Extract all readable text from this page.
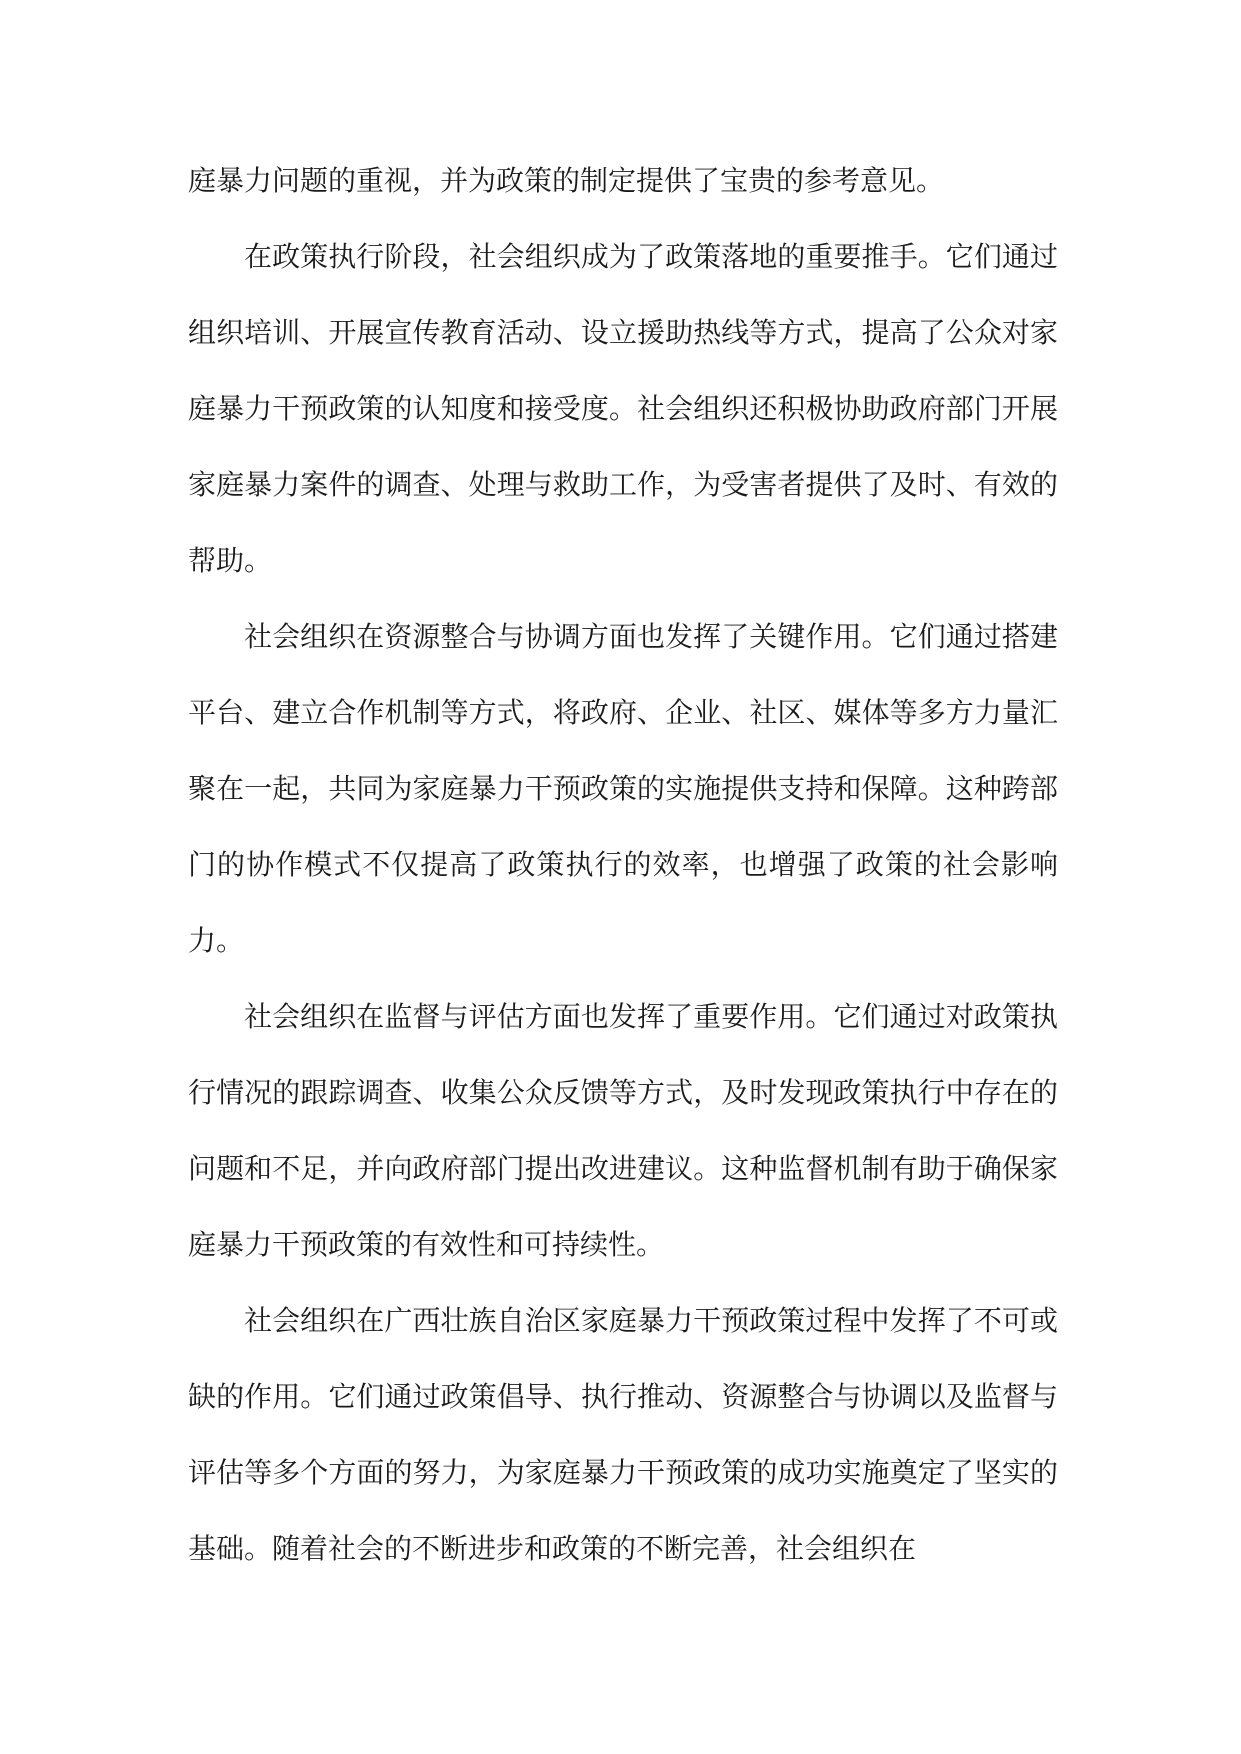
庭暴力问题的重视，并为政策的制定提供了宝贵的参考意见。

在政策执行阶段，社会组织成为了政策落地的重要推手。它们通过组织培训、开展宣传教育活动、设立援助热线等方式，提高了公众对家庭暴力干预政策的认知度和接受度。社会组织还积极协助政府部门开展家庭暴力案件的调查、处理与救助工作，为受害者提供了及时、有效的帮助。

社会组织在资源整合与协调方面也发挥了关键作用。它们通过搭建平台、建立合作机制等方式，将政府、企业、社区、媒体等多方力量汇聚在一起，共同为家庭暴力干预政策的实施提供支持和保障。这种跨部门的协作模式不仅提高了政策执行的效率，也增强了政策的社会影响力。

社会组织在监督与评估方面也发挥了重要作用。它们通过对政策执行情况的跟踪调查、收集公众反馈等方式，及时发现政策执行中存在的问题和不足，并向政府部门提出改进建议。这种监督机制有助于确保家庭暴力干预政策的有效性和可持续性。

社会组织在广西壮族自治区家庭暴力干预政策过程中发挥了不可或缺的作用。它们通过政策倡导、执行推动、资源整合与协调以及监督与评估等多个方面的努力，为家庭暴力干预政策的成功实施奠定了坚实的基础。随着社会的不断进步和政策的不断完善，社会组织在
